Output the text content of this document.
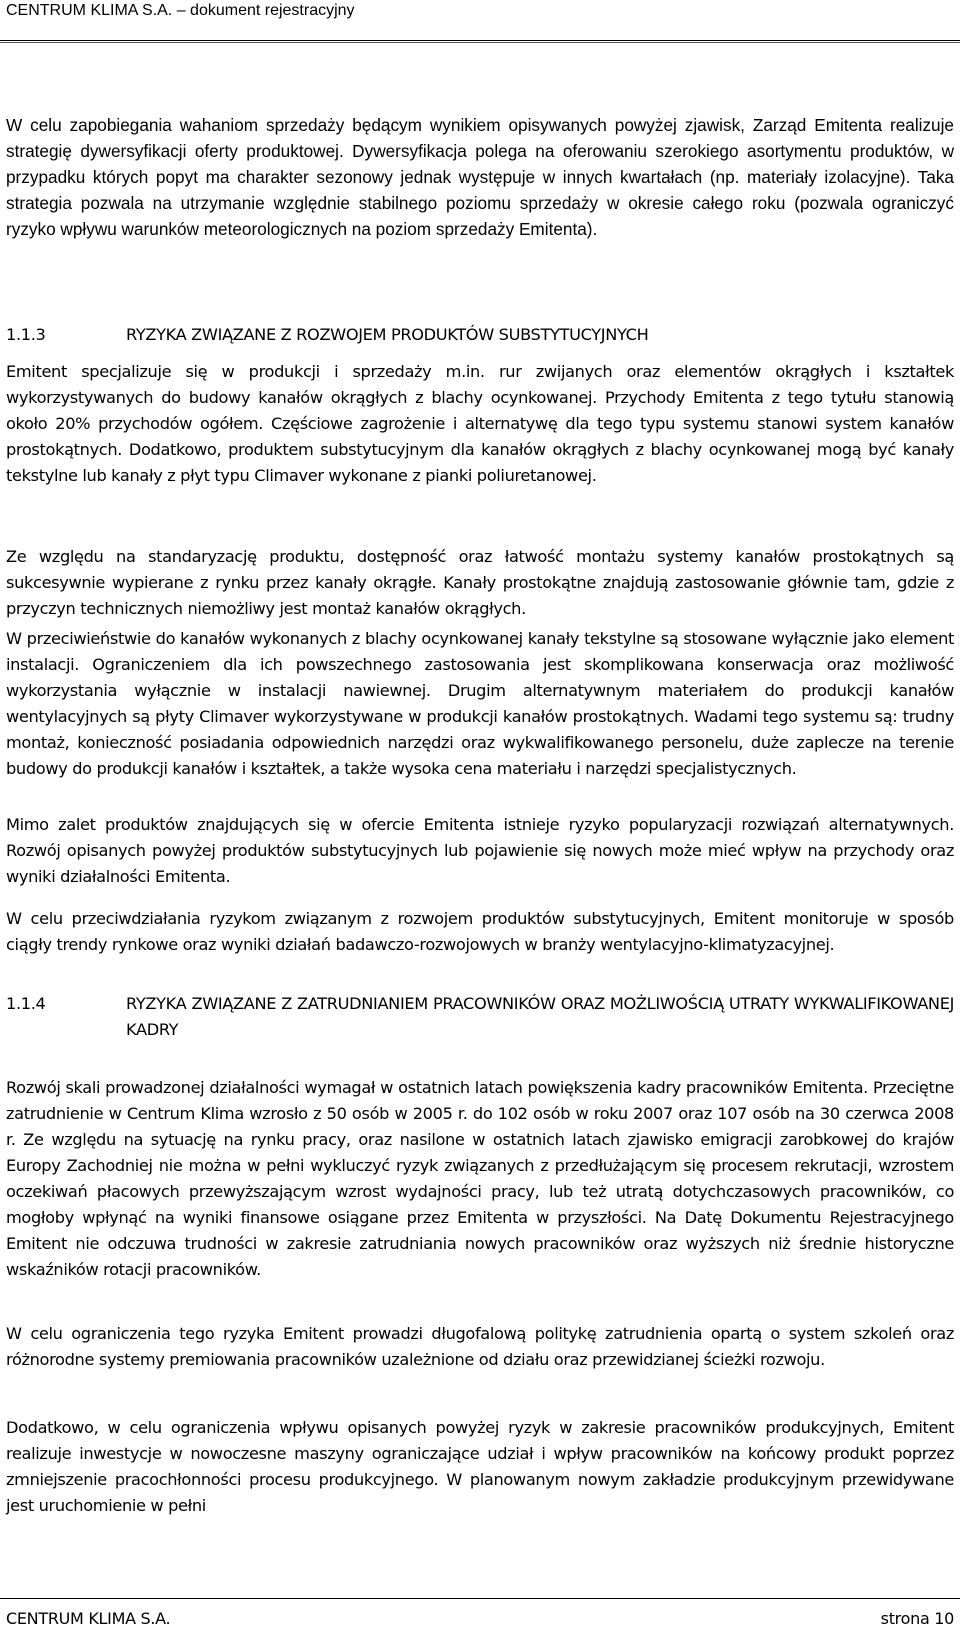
CENTRUM KLIMA S.A. – dokument rejestracyjny

W celu zapobiegania wahaniom sprzedaży będącym wynikiem opisywanych powyżej zjawisk, Zarząd Emitenta realizuje strategię dywersyfikacji oferty produktowej. Dywersyfikacja polega na oferowaniu szerokiego asortymentu produktów, w przypadku których popyt ma charakter sezonowy jednak występuje w innych kwartałach (np. materiały izolacyjne). Taka strategia pozwala na utrzymanie względnie stabilnego poziomu sprzedaży w okresie całego roku (pozwala ograniczyć ryzyko wpływu warunków meteorologicznych na poziom sprzedaży Emitenta).

1.1.3	RYZYKA ZWIĄZANE Z ROZWOJEM PRODUKTÓW SUBSTYTUCYJNYCH

Emitent specjalizuje się w produkcji i sprzedaży m.in. rur zwijanych oraz elementów okrągłych i kształtek wykorzystywanych do budowy kanałów okrągłych z blachy ocynkowanej. Przychody Emitenta z tego tytułu stanowią około 20% przychodów ogółem. Częściowe zagrożenie i alternatywę dla tego typu systemu stanowi system kanałów prostokątnych. Dodatkowo, produktem substytucyjnym dla kanałów okrągłych z blachy ocynkowanej mogą być kanały tekstylne lub kanały z płyt typu Climaver wykonane z pianki poliuretanowej.

Ze względu na standaryzację produktu, dostępność oraz łatwość montażu systemy kanałów prostokątnych są sukcesywnie wypierane z rynku przez kanały okrągłe. Kanały prostokątne znajdują zastosowanie głównie tam, gdzie z przyczyn technicznych niemożliwy jest montaż kanałów okrągłych.

W przeciwieństwie do kanałów wykonanych z blachy ocynkowanej kanały tekstylne są stosowane wyłącznie jako element instalacji. Ograniczeniem dla ich powszechnego zastosowania jest skomplikowana konserwacja oraz możliwość wykorzystania wyłącznie w instalacji nawiewnej. Drugim alternatywnym materiałem do produkcji kanałów wentylacyjnych są płyty Climaver wykorzystywane w produkcji kanałów prostokątnych. Wadami tego systemu są: trudny montaż, konieczność posiadania odpowiednich narzędzi oraz wykwalifikowanego personelu, duże zaplecze na terenie budowy do produkcji kanałów i kształtek, a także wysoka cena materiału i narzędzi specjalistycznych.

Mimo zalet produktów znajdujących się w ofercie Emitenta istnieje ryzyko popularyzacji rozwiązań alternatywnych. Rozwój opisanych powyżej produktów substytucyjnych lub pojawienie się nowych może mieć wpływ na przychody oraz wyniki działalności Emitenta.

W celu przeciwdziałania ryzykom związanym z rozwojem produktów substytucyjnych, Emitent monitoruje w sposób ciągły trendy rynkowe oraz wyniki działań badawczo-rozwojowych w branży wentylacyjno-klimatyzacyjnej.

1.1.4	RYZYKA ZWIĄZANE Z ZATRUDNIANIEM PRACOWNIKÓW ORAZ MOŻLIWOŚCIĄ UTRATY WYKWALIFIKOWANEJ KADRY

Rozwój skali prowadzonej działalności wymagał w ostatnich latach powiększenia kadry pracowników Emitenta. Przeciętne zatrudnienie w Centrum Klima wzrosło z 50 osób w 2005 r. do 102 osób w roku 2007 oraz 107 osób na 30 czerwca 2008 r. Ze względu na sytuację na rynku pracy, oraz nasilone w ostatnich latach zjawisko emigracji zarobkowej do krajów Europy Zachodniej nie można w pełni wykluczyć ryzyk związanych z przedłużającym się procesem rekrutacji, wzrostem oczekiwań płacowych przewyższającym wzrost wydajności pracy, lub też utratą dotychczasowych pracowników, co mogłoby wpłynąć na wyniki finansowe osiągane przez Emitenta w przyszłości. Na Datę Dokumentu Rejestracyjnego Emitent nie odczuwa trudności w zakresie zatrudniania nowych pracowników oraz wyższych niż średnie historyczne wskaźników rotacji pracowników.

W celu ograniczenia tego ryzyka Emitent prowadzi długofalową politykę zatrudnienia opartą o system szkoleń oraz różnorodne systemy premiowania pracowników uzależnione od działu oraz przewidzianej ścieżki rozwoju.

Dodatkowo, w celu ograniczenia wpływu opisanych powyżej ryzyk w zakresie pracowników produkcyjnych, Emitent realizuje inwestycje w nowoczesne maszyny ograniczające udział i wpływ pracowników na końcowy produkt poprzez zmniejszenie pracochłonności procesu produkcyjnego. W planowanym nowym zakładzie produkcyjnym przewidywane jest uruchomienie w pełni

CENTRUM KLIMA S.A.	strona 10
